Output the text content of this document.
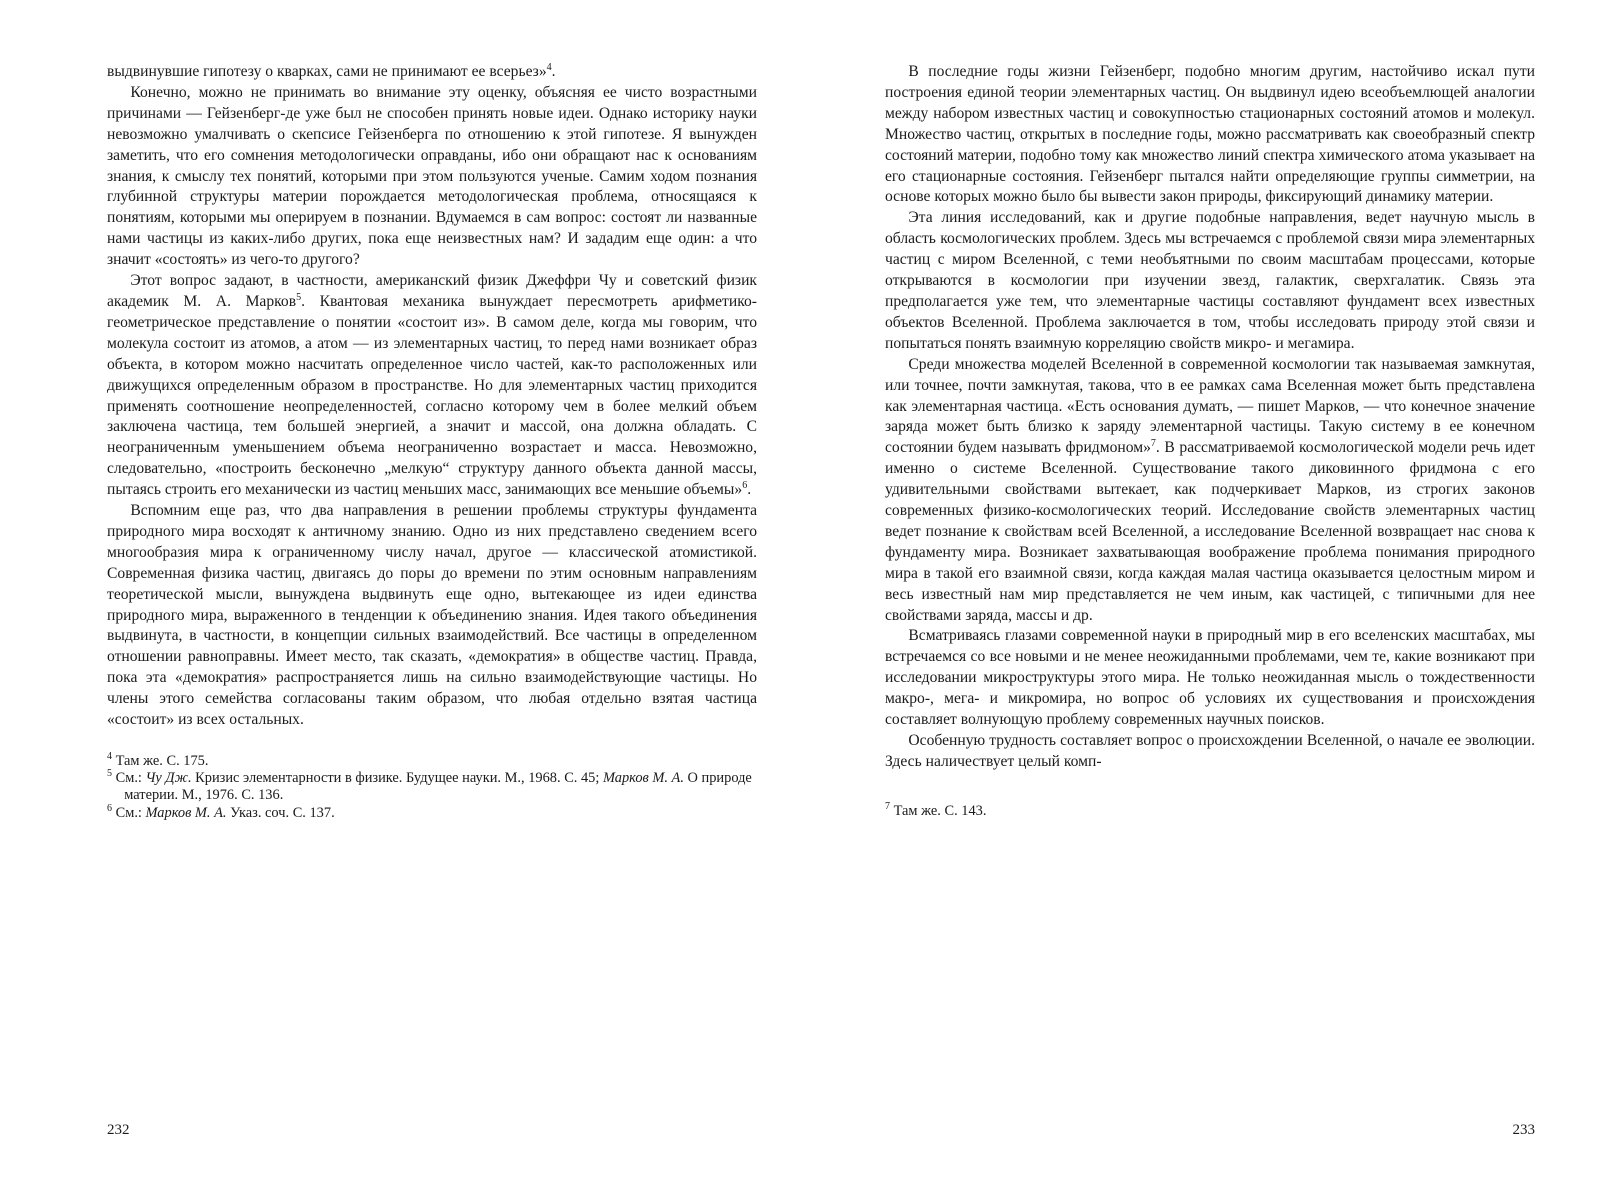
выдвинувшие гипотезу о кварках, сами не принимают ее всерьез»$^4$.

Конечно, можно не принимать во внимание эту оценку, объясняя ее чисто возрастными причинами — Гейзенберг-де уже был не способен принять новые идеи. Однако историку науки невозможно умалчивать о скепсисе Гейзенберга по отношению к этой гипотезе. Я вынужден заметить, что его сомнения методологически оправданы, ибо они обращают нас к основаниям знания, к смыслу тех понятий, которыми при этом пользуются ученые. Самим ходом познания глубинной структуры материи порождается методологическая проблема, относящаяся к понятиям, которыми мы оперируем в познании. Вдумаемся в сам вопрос: состоят ли названные нами частицы из каких-либо других, пока еще неизвестных нам? И зададим еще один: а что значит «состоять» из чего-то другого?

Этот вопрос задают, в частности, американский физик Джеффри Чу и советский физик академик М. А. Марков$^5$. Квантовая механика вынуждает пересмотреть арифметико-геометрическое представление о понятии «состоит из». В самом деле, когда мы говорим, что молекула состоит из атомов, а атом — из элементарных частиц, то перед нами возникает образ объекта, в котором можно насчитать определенное число частей, как-то расположенных или движущихся определенным образом в пространстве. Но для элементарных частиц приходится применять соотношение неопределенностей, согласно которому чем в более мелкий объем заключена частица, тем большей энергией, а значит и массой, она должна обладать. С неограниченным уменьшением объема неограниченно возрастает и масса. Невозможно, следовательно, «построить бесконечно „мелкую“ структуру данного объекта данной массы, пытаясь строить его механически из частиц меньших масс, занимающих все меньшие объемы»$^6$.

Вспомним еще раз, что два направления в решении проблемы структуры фундамента природного мира восходят к античному знанию. Одно из них представлено сведением всего многообразия мира к ограниченному числу начал, другое — классической атомистикой. Современная физика частиц, двигаясь до поры до времени по этим основным направлениям теоретической мысли, вынуждена выдвинуть еще одно, вытекающее из идеи единства природного мира, выраженного в тенденции к объединению знания. Идея такого объединения выдвинута, в частности, в концепции сильных взаимодействий. Все частицы в определенном отношении равноправны. Имеет место, так сказать, «демократия» в обществе частиц. Правда, пока эта «демократия» распространяется лишь на сильно взаимодействующие частицы. Но члены этого семейства согласованы таким образом, что любая отдельно взятая частица «состоит» из всех остальных.

$^4$ Там же. С. 175.

$^5$ См.: Чу Дж. Кризис элементарности в физике. Будущее науки. М., 1968. С. 45; Марков М. А. О природе материи. М., 1976. С. 136.

$^6$ См.: Марков М. А. Указ. соч. С. 137.

232

В последние годы жизни Гейзенберг, подобно многим другим, настойчиво искал пути построения единой теории элементарных частиц. Он выдвинул идею всеобъемлющей аналогии между набором известных частиц и совокупностью стационарных состояний атомов и молекул. Множество частиц, открытых в последние годы, можно рассматривать как своеобразный спектр состояний материи, подобно тому как множество линий спектра химического атома указывает на его стационарные состояния. Гейзенберг пытался найти определяющие группы симметрии, на основе которых можно было бы вывести закон природы, фиксирующий динамику материи.

Эта линия исследований, как и другие подобные направления, ведет научную мысль в область космологических проблем. Здесь мы встречаемся с проблемой связи мира элементарных частиц с миром Вселенной, с теми необъятными по своим масштабам процессами, которые открываются в космологии при изучении звезд, галактик, сверхгалатик. Связь эта предполагается уже тем, что элементарные частицы составляют фундамент всех известных объектов Вселенной. Проблема заключается в том, чтобы исследовать природу этой связи и попытаться понять взаимную корреляцию свойств микро- и мегамира.

Среди множества моделей Вселенной в современной космологии так называемая замкнутая, или точнее, почти замкнутая, такова, что в ее рамках сама Вселенная может быть представлена как элементарная частица. «Есть основания думать, — пишет Марков, — что конечное значение заряда может быть близко к заряду элементарной частицы. Такую систему в ее конечном состоянии будем называть фридмоном»$^7$. В рассматриваемой космологической модели речь идет именно о системе Вселенной. Существование такого диковинного фридмона с его удивительными свойствами вытекает, как подчеркивает Марков, из строгих законов современных физико-космологических теорий. Исследование свойств элементарных частиц ведет познание к свойствам всей Вселенной, а исследование Вселенной возвращает нас снова к фундаменту мира. Возникает захватывающая воображение проблема понимания природного мира в такой его взаимной связи, когда каждая малая частица оказывается целостным миром и весь известный нам мир представляется не чем иным, как частицей, с типичными для нее свойствами заряда, массы и др.

Всматриваясь глазами современной науки в природный мир в его вселенских масштабах, мы встречаемся со все новыми и не менее неожиданными проблемами, чем те, какие возникают при исследовании микроструктуры этого мира. Не только неожиданная мысль о тождественности макро-, мега- и микромира, но вопрос об условиях их существования и происхождения составляет волнующую проблему современных научных поисков.

Особенную трудность составляет вопрос о происхождении Вселенной, о начале ее эволюции. Здесь наличествует целый комп-

$^7$ Там же. С. 143.

233
